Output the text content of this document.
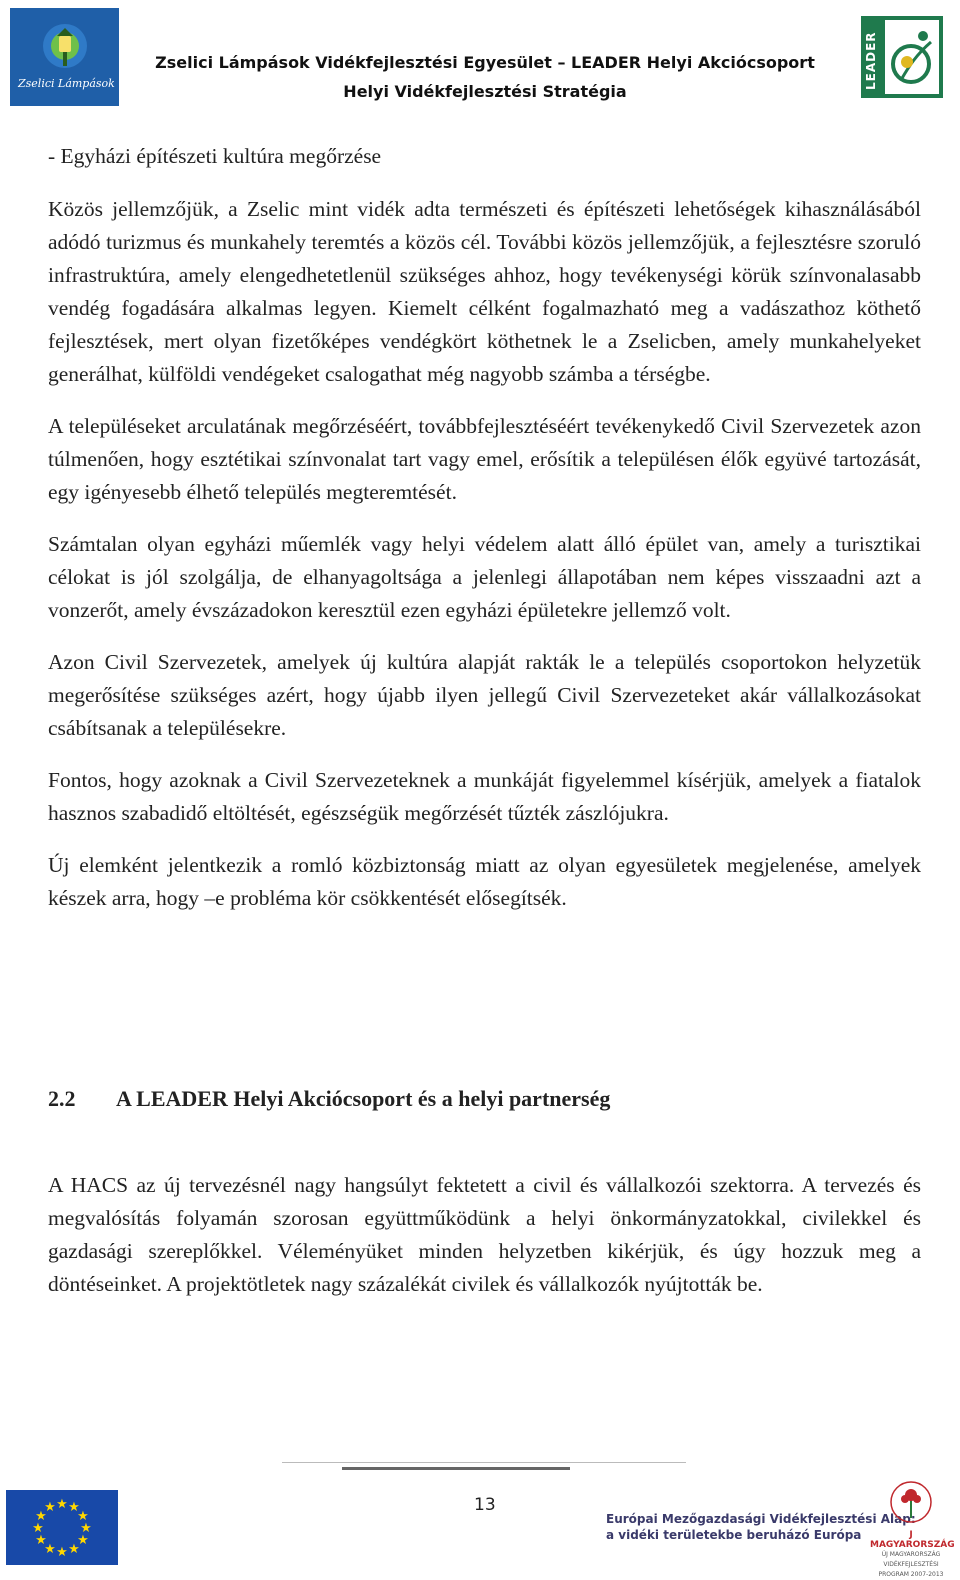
Zselici Lámpások
Zselici Lámpások Vidékfejlesztési Egyesület – LEADER Helyi Akciócsoport
Helyi Vidékfejlesztési Stratégia
LEADER

- Egyházi építészeti kultúra megőrzése

Közös jellemzőjük, a Zselic mint vidék adta természeti és építészeti lehetőségek kihasználásából adódó turizmus és munkahely teremtés a közös cél. További közös jellemzőjük, a fejlesztésre szoruló infrastruktúra, amely elengedhetetlenül szükséges ahhoz, hogy tevékenységi körük színvonalasabb vendég fogadására alkalmas legyen. Kiemelt célként fogalmazható meg a vadászathoz köthető fejlesztések, mert olyan fizetőképes vendégkört köthetnek le a Zselicben, amely munkahelyeket generálhat, külföldi vendégeket csalogathat még nagyobb számba a térségbe.

A településeket arculatának megőrzéséért, továbbfejlesztéséért tevékenykedő Civil Szervezetek azon túlmenően, hogy esztétikai színvonalat tart vagy emel, erősítik a településen élők együvé tartozását, egy igényesebb élhető település megteremtését.

Számtalan olyan egyházi műemlék vagy helyi védelem alatt álló épület van, amely a turisztikai célokat is jól szolgálja, de elhanyagoltsága a jelenlegi állapotában nem képes visszaadni azt a vonzerőt, amely évszázadokon keresztül ezen egyházi épületekre jellemző volt.

Azon Civil Szervezetek, amelyek új kultúra alapját rakták le a település csoportokon helyzetük megerősítése szükséges azért, hogy újabb ilyen jellegű Civil Szervezeteket akár vállalkozásokat csábítsanak a településekre.

Fontos, hogy azoknak a Civil Szervezeteknek a munkáját figyelemmel kísérjük, amelyek a fiatalok hasznos szabadidő eltöltését, egészségük megőrzését tűzték zászlójukra.

Új elemként jelentkezik a romló közbiztonság miatt az olyan egyesületek megjelenése, amelyek készek arra, hogy –e probléma kör csökkentését elősegítsék.

2.2 A LEADER Helyi Akciócsoport és a helyi partnerség

A HACS az új tervezésnél nagy hangsúlyt fektetett a civil és vállalkozói szektorra. A tervezés és megvalósítás folyamán szorosan együttműködünk a helyi önkormányzatokkal, civilekkel és gazdasági szereplőkkel. Véleményüket minden helyzetben kikérjük, és úgy hozzuk meg a döntéseinket. A projektötletek nagy százalékát civilek és vállalkozók nyújtották be.

13
★ ★
★
★
★
★
★
★
★
★
★
★
Európai Mezőgazdasági Vidékfejlesztési Alap:
a vidéki területekbe beruházó Európa	J MAGYARORSZÁG
ÚJ MAGYARORSZÁG VIDÉKFEJLESZTÉSI PROGRAM 2007-2013
